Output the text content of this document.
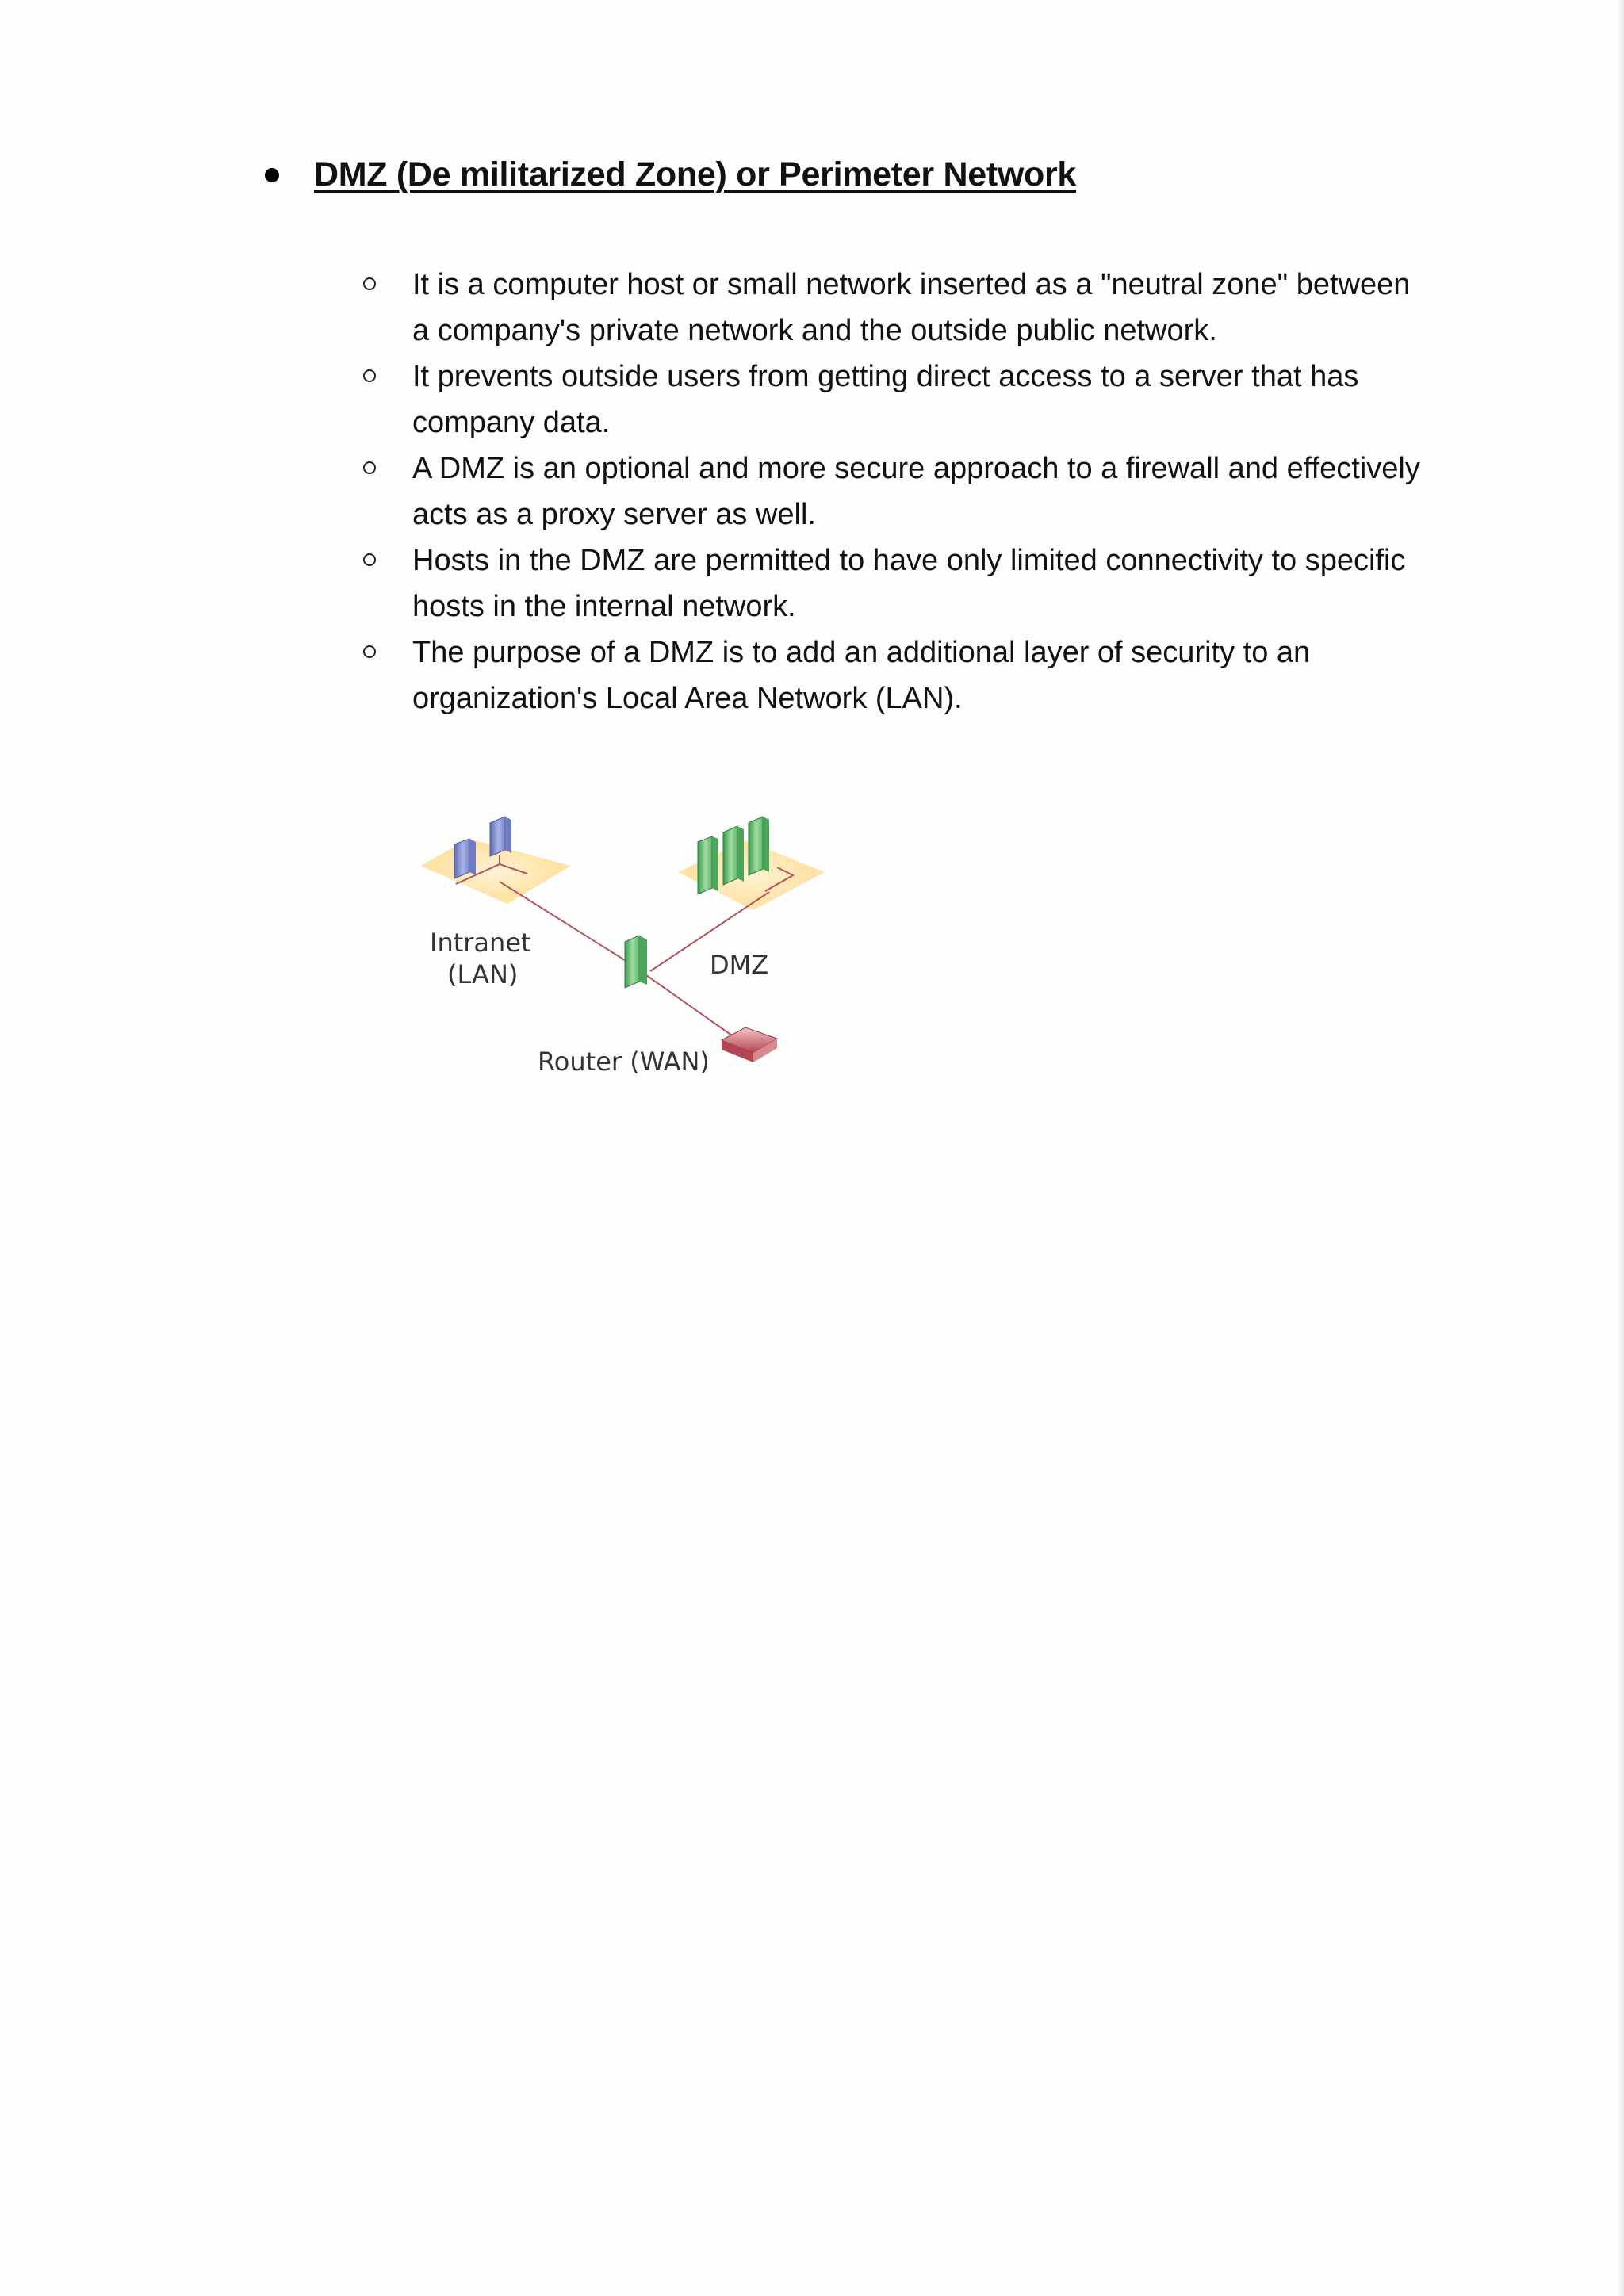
DMZ (De militarized Zone) or Perimeter Network
It is a computer host or small network inserted as a "neutral zone" between a company's private network and the outside public network.
It prevents outside users from getting direct access to a server that has company data.
A DMZ is an optional and more secure approach to a firewall and effectively acts as a proxy server as well.
Hosts in the DMZ are permitted to have only limited connectivity to specific hosts in the internal network.
The purpose of a DMZ is to add an additional layer of security to an organization's Local Area Network (LAN).
Intranet
(LAN)	DMZ
Router (WAN)
